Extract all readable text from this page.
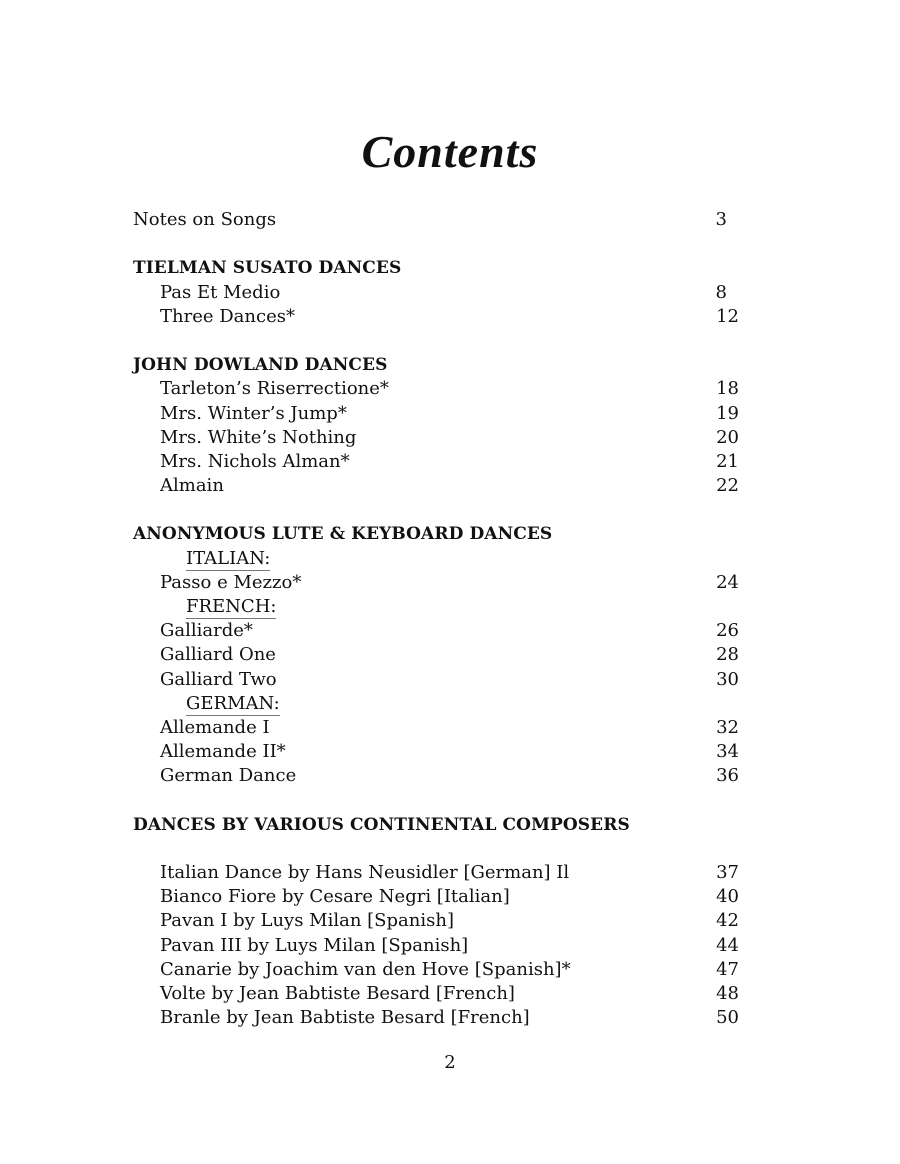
Contents
Notes on Songs	3
TIELMAN SUSATO DANCES
Pas Et Medio	8
Three Dances*	12
JOHN DOWLAND DANCES
Tarleton’s Riserrectione*	18
Mrs. Winter’s Jump*	19
Mrs. White’s Nothing	20
Mrs. Nichols Alman*	21
Almain	22
ANONYMOUS LUTE & KEYBOARD DANCES
ITALIAN:
Passo e Mezzo*	24
FRENCH:
Galliarde*	26
Galliard One	28
Galliard Two	30
GERMAN:
Allemande I	32
Allemande II*	34
German Dance	36
DANCES BY VARIOUS CONTINENTAL COMPOSERS
Italian Dance by Hans Neusidler [German] Il	37
Bianco Fiore by Cesare Negri [Italian]	40
Pavan I by Luys Milan [Spanish]	42
Pavan III by Luys Milan [Spanish]	44
Canarie by Joachim van den Hove [Spanish]*	47
Volte by Jean Babtiste Besard [French]	48
Branle by Jean Babtiste Besard [French]	50
2
